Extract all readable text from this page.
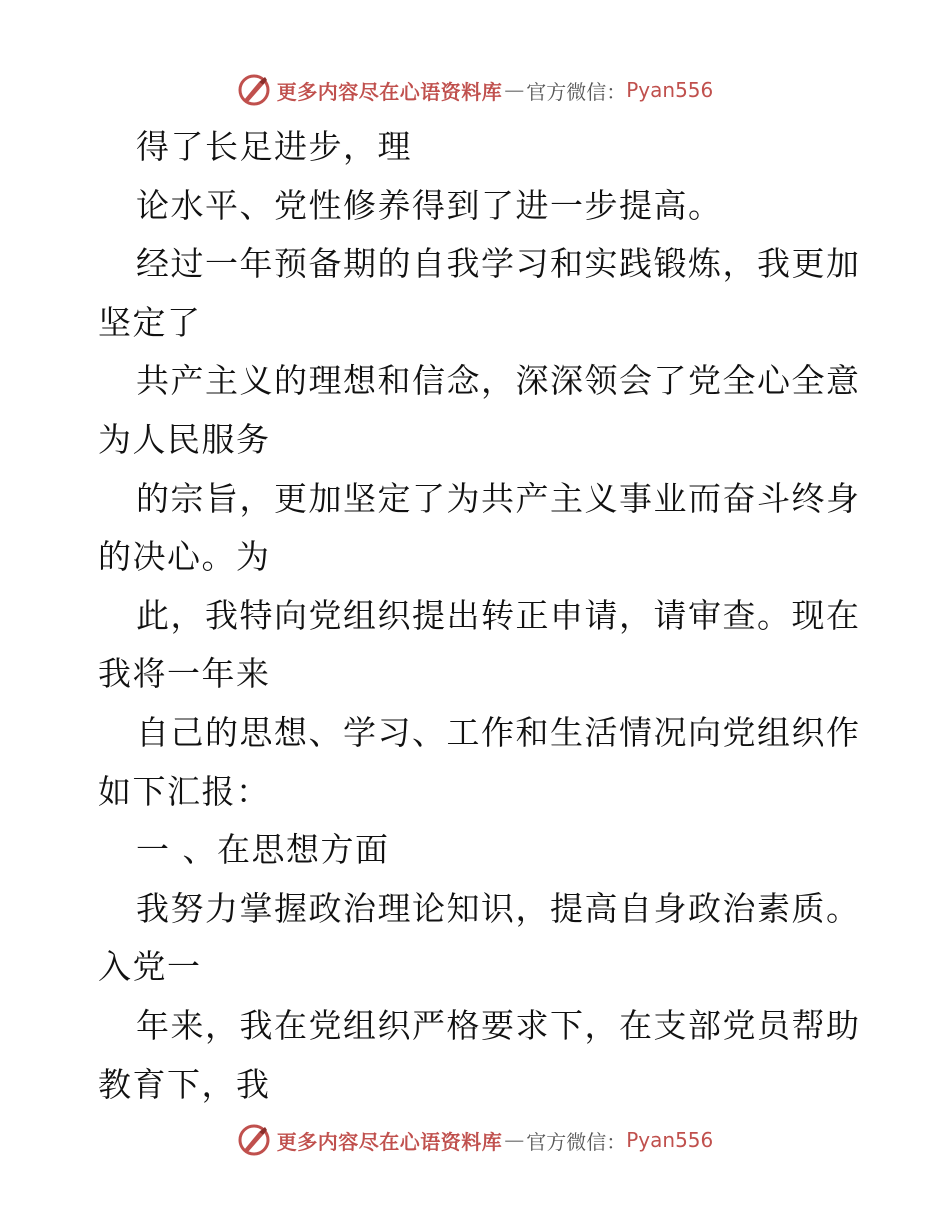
更多内容尽在心语资料库 — 官方微信： Pyan556
得了长足进步，理
论水平、党性修养得到了进一步提高。
经过一年预备期的自我学习和实践锻炼，我更加
坚定了
共产主义的理想和信念，深深领会了党全心全意
为人民服务
的宗旨，更加坚定了为共产主义事业而奋斗终身
的决心。为
此，我特向党组织提出转正申请，请审查。现在
我将一年来
自己的思想、学习、工作和生活情况向党组织作
如下汇报：
一 、在思想方面
我努力掌握政治理论知识，提高自身政治素质。
入党一
年来，我在党组织严格要求下，在支部党员帮助
教育下，我
更多内容尽在心语资料库 — 官方微信： Pyan556
